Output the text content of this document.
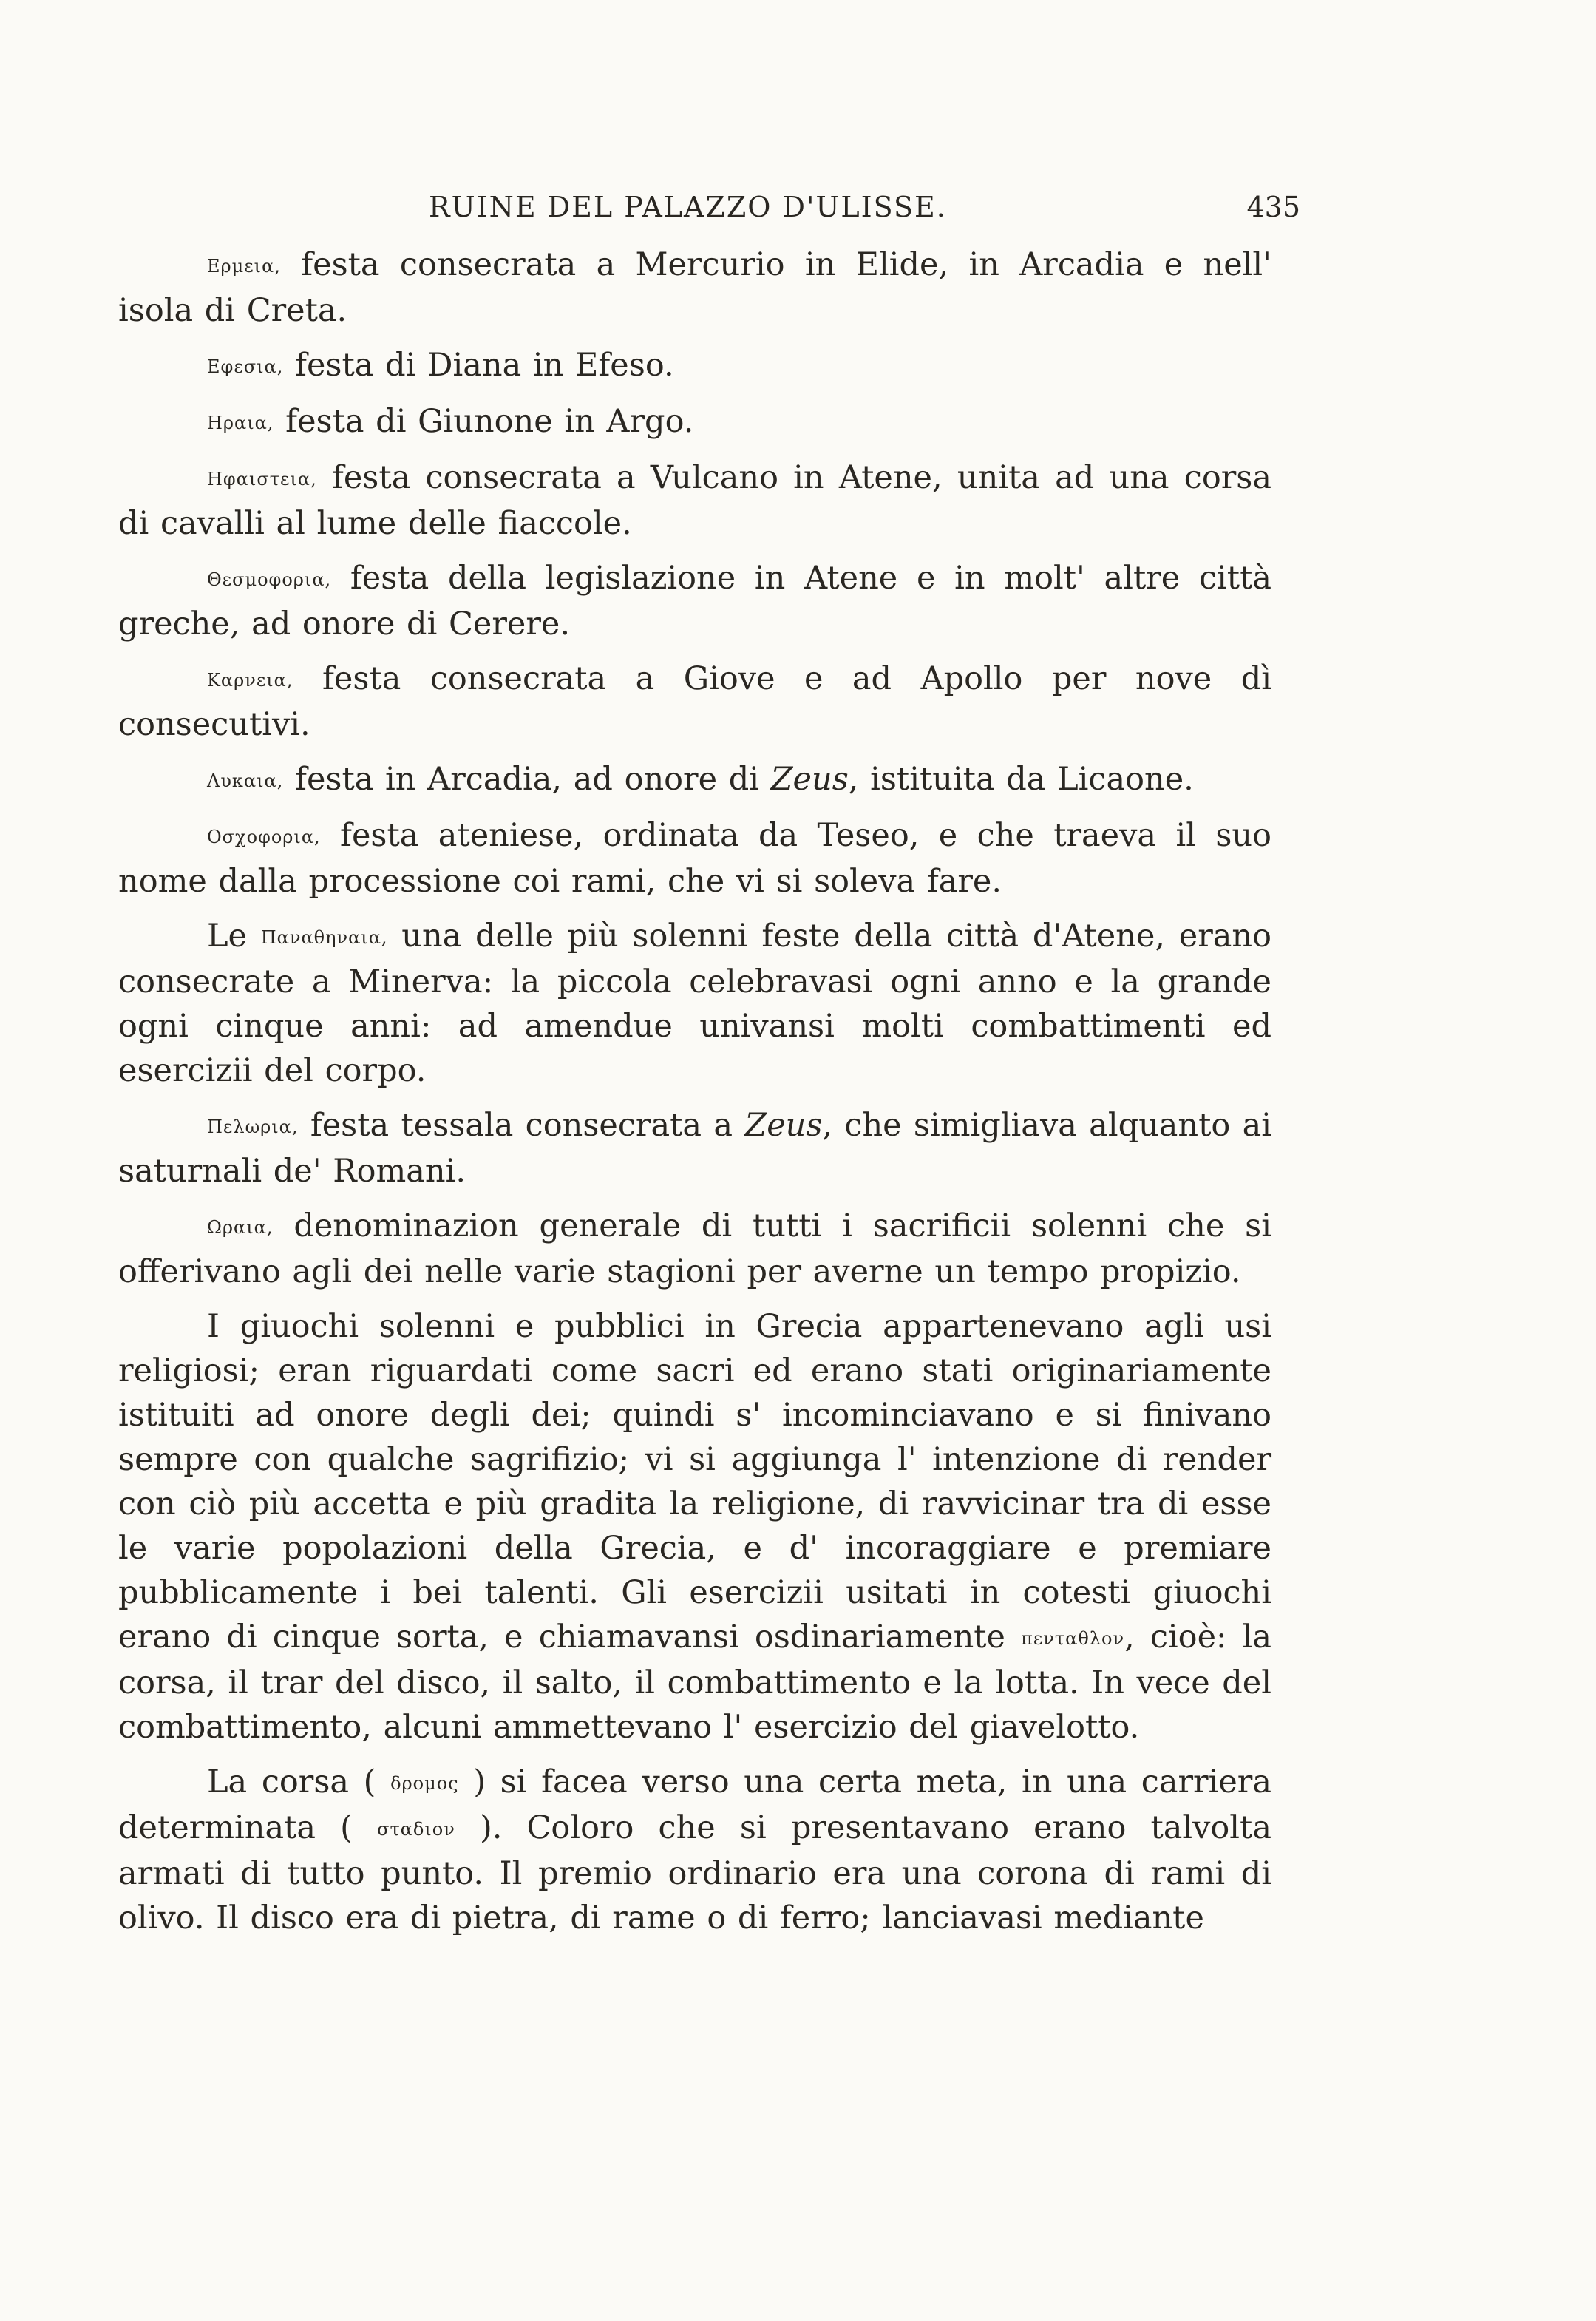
RUINE DEL PALAZZO D'ULISSE.	435

Ερμεια, festa consecrata a Mercurio in Elide, in Arcadia e nell' isola di Creta.

Εφεσια, festa di Diana in Efeso.

Ηραια, festa di Giunone in Argo.

Ηφαιστεια, festa consecrata a Vulcano in Atene, unita ad una corsa di cavalli al lume delle fiaccole.

Θεσμοφορια, festa della legislazione in Atene e in molt' altre città greche, ad onore di Cerere.

Καρνεια, festa consecrata a Giove e ad Apollo per nove dì consecutivi.

Λυκαια, festa in Arcadia, ad onore di Zeus, istituita da Licaone.

Οσχοφορια, festa ateniese, ordinata da Teseo, e che traeva il suo nome dalla processione coi rami, che vi si soleva fare.

Le Παναθηναια, una delle più solenni feste della città d'Atene, erano consecrate a Minerva: la piccola celebravasi ogni anno e la grande ogni cinque anni: ad amendue univansi molti combattimenti ed esercizii del corpo.

Πελωρια, festa tessala consecrata a Zeus, che simigliava alquanto ai saturnali de' Romani.

Ωραια, denominazion generale di tutti i sacrificii solenni che si offerivano agli dei nelle varie stagioni per averne un tempo propizio.

I giuochi solenni e pubblici in Grecia appartenevano agli usi religiosi; eran riguardati come sacri ed erano stati originariamente istituiti ad onore degli dei; quindi s' incominciavano e si finivano sempre con qualche sagrifizio; vi si aggiunga l' intenzione di render con ciò più accetta e più gradita la religione, di ravvicinar tra di esse le varie popolazioni della Grecia, e d' incoraggiare e premiare pubblicamente i bei talenti. Gli esercizii usitati in cotesti giuochi erano di cinque sorta, e chiamavansi osdinariamente πενταθλον, cioè: la corsa, il trar del disco, il salto, il combattimento e la lotta. In vece del combattimento, alcuni ammettevano l' esercizio del giavelotto.

La corsa ( δρομος ) si facea verso una certa meta, in una carriera determinata ( σταδιον ). Coloro che si presentavano erano talvolta armati di tutto punto. Il premio ordinario era una corona di rami di olivo. Il disco era di pietra, di rame o di ferro; lanciavasi mediante
